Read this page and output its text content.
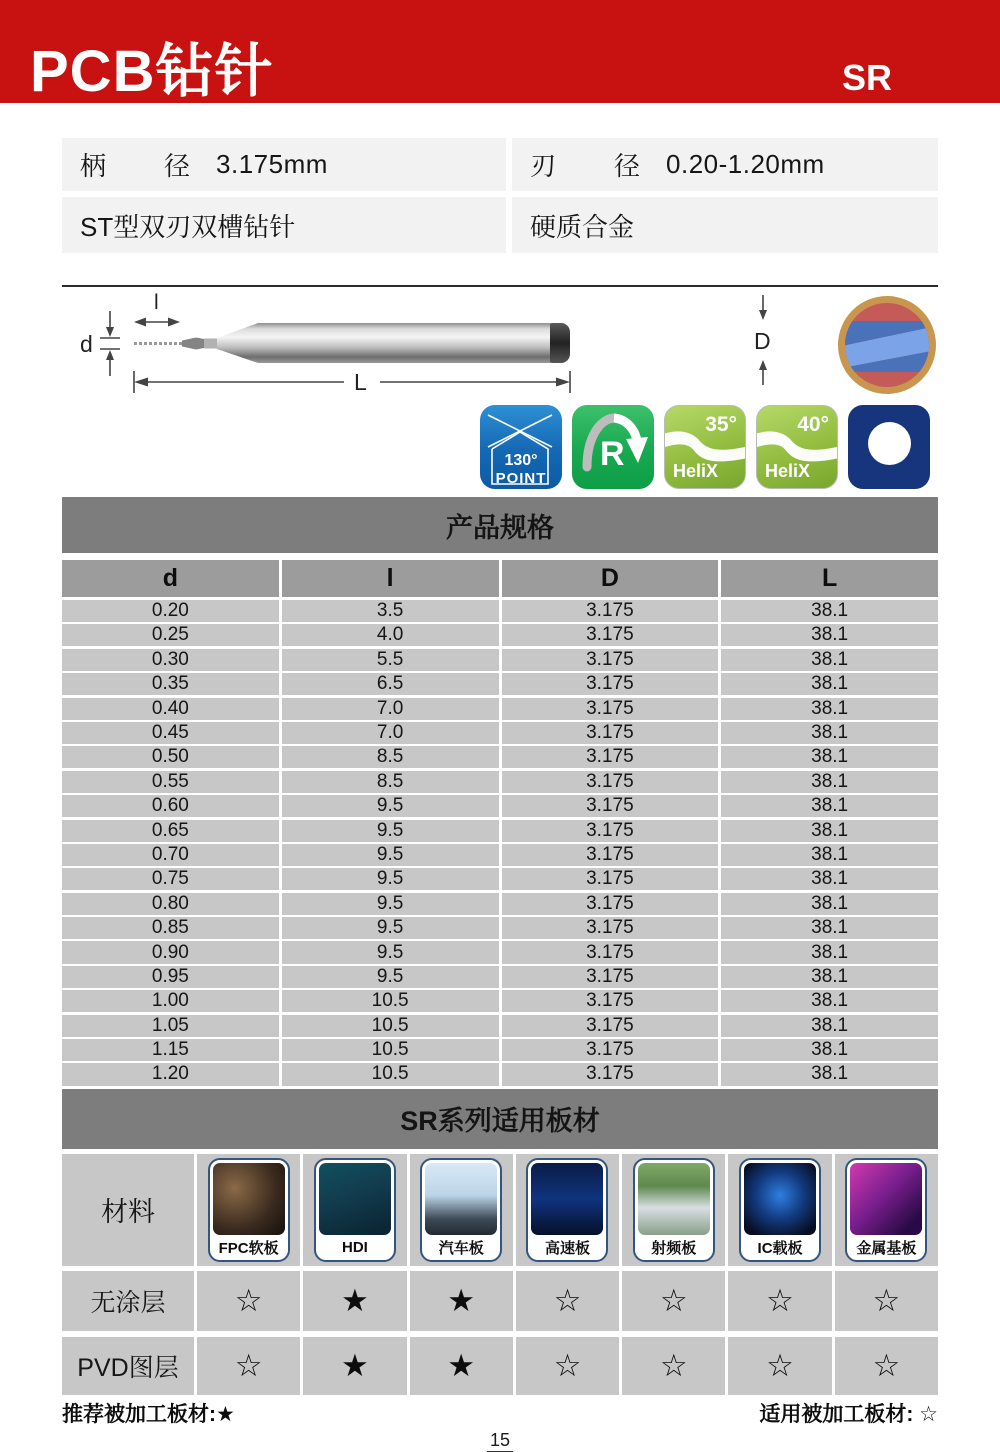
PCB钻针	SR
柄 径 3.175mm	刃 径 0.20-1.20mm
ST型双刃双槽钻针	硬质合金
l
d
L
D
130°
POINT
R
35°
HeliX
40°
HeliX
产品规格
d	l	D	L
0.20	3.5	3.175	38.1
0.25	4.0	3.175	38.1
0.30	5.5	3.175	38.1
0.35	6.5	3.175	38.1
0.40	7.0	3.175	38.1
0.45	7.0	3.175	38.1
0.50	8.5	3.175	38.1
0.55	8.5	3.175	38.1
0.60	9.5	3.175	38.1
0.65	9.5	3.175	38.1
0.70	9.5	3.175	38.1
0.75	9.5	3.175	38.1
0.80	9.5	3.175	38.1
0.85	9.5	3.175	38.1
0.90	9.5	3.175	38.1
0.95	9.5	3.175	38.1
1.00	10.5	3.175	38.1
1.05	10.5	3.175	38.1
1.15	10.5	3.175	38.1
1.20	10.5	3.175	38.1
SR系列适用板材
材料
FPC软板	HDI	汽车板	高速板	射频板	IC载板	金属基板
无涂层	☆	★	★	☆	☆	☆	☆
PVD图层	☆	★	★	☆	☆	☆	☆
推荐被加工板材:★	适用被加工板材: ☆
15
